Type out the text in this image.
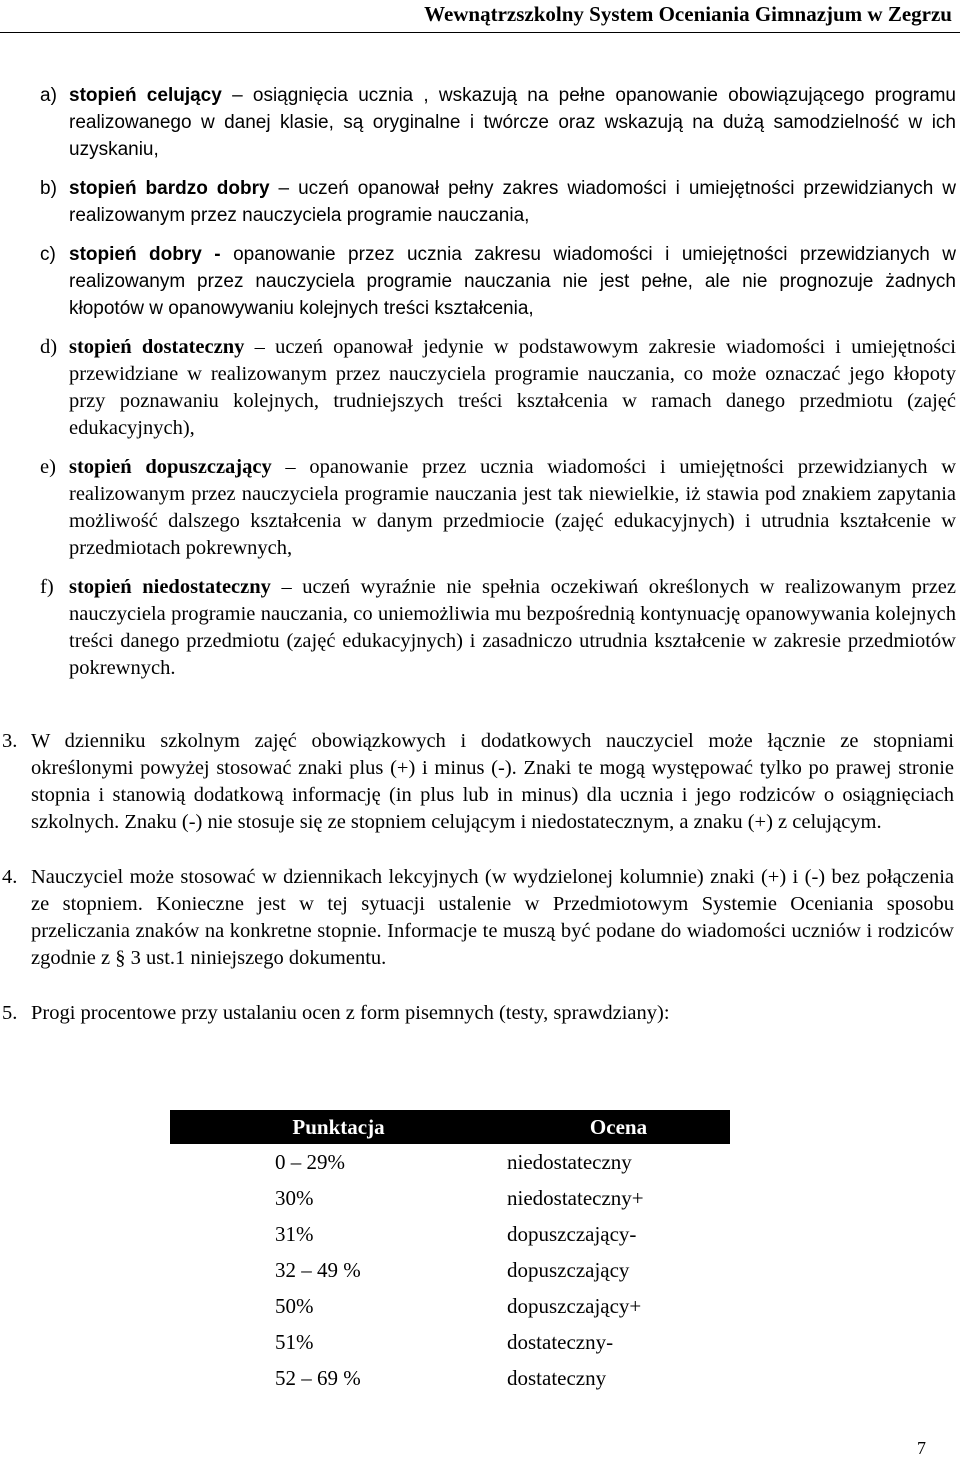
Wewnątrzszkolny System Oceniania Gimnazjum w Zegrzu
a) stopień celujący – osiągnięcia ucznia , wskazują na pełne opanowanie obowiązującego programu realizowanego w danej klasie, są oryginalne i twórcze oraz wskazują na dużą samodzielność w ich uzyskaniu,
b) stopień bardzo dobry – uczeń opanował pełny zakres wiadomości i umiejętności przewidzianych w realizowanym przez nauczyciela programie nauczania,
c) stopień dobry - opanowanie przez ucznia zakresu wiadomości i umiejętności przewidzianych w realizowanym przez nauczyciela programie nauczania nie jest pełne, ale nie prognozuje żadnych kłopotów w opanowywaniu kolejnych treści kształcenia,
d) stopień dostateczny – uczeń opanował jedynie w podstawowym zakresie wiadomości i umiejętności przewidziane w realizowanym przez nauczyciela programie nauczania, co może oznaczać jego kłopoty przy poznawaniu kolejnych, trudniejszych treści kształcenia w ramach danego przedmiotu (zajęć edukacyjnych),
e) stopień dopuszczający – opanowanie przez ucznia wiadomości i umiejętności przewidzianych w realizowanym przez nauczyciela programie nauczania jest tak niewielkie, iż stawia pod znakiem zapytania możliwość dalszego kształcenia w danym przedmiocie (zajęć edukacyjnych) i utrudnia kształcenie w przedmiotach pokrewnych,
f) stopień niedostateczny – uczeń wyraźnie nie spełnia oczekiwań określonych w realizowanym przez nauczyciela programie nauczania, co uniemożliwia mu bezpośrednią kontynuację opanowywania kolejnych treści danego przedmiotu (zajęć edukacyjnych) i zasadniczo utrudnia kształcenie w zakresie przedmiotów pokrewnych.
3. W dzienniku szkolnym zajęć obowiązkowych i dodatkowych nauczyciel może łącznie ze stopniami określonymi powyżej stosować znaki plus (+) i minus (-). Znaki te mogą występować tylko po prawej stronie stopnia i stanowią dodatkową informację (in plus lub in minus) dla ucznia i jego rodziców o osiągnięciach szkolnych. Znaku (-) nie stosuje się ze stopniem celującym i niedostatecznym, a znaku (+) z celującym.
4. Nauczyciel może stosować w dziennikach lekcyjnych (w wydzielonej kolumnie) znaki (+) i (-) bez połączenia ze stopniem. Konieczne jest w tej sytuacji ustalenie w Przedmiotowym Systemie Oceniania sposobu przeliczania znaków na konkretne stopnie. Informacje te muszą być podane do wiadomości uczniów i rodziców zgodnie z § 3 ust.1 niniejszego dokumentu.
5. Progi procentowe przy ustalaniu ocen z form pisemnych (testy, sprawdziany):
Punktacja	Ocena
0 – 29%	niedostateczny
30%	niedostateczny+
31%	dopuszczający-
32 – 49 %	dopuszczający
50%	dopuszczający+
51%	dostateczny-
52 – 69 %	dostateczny
7
